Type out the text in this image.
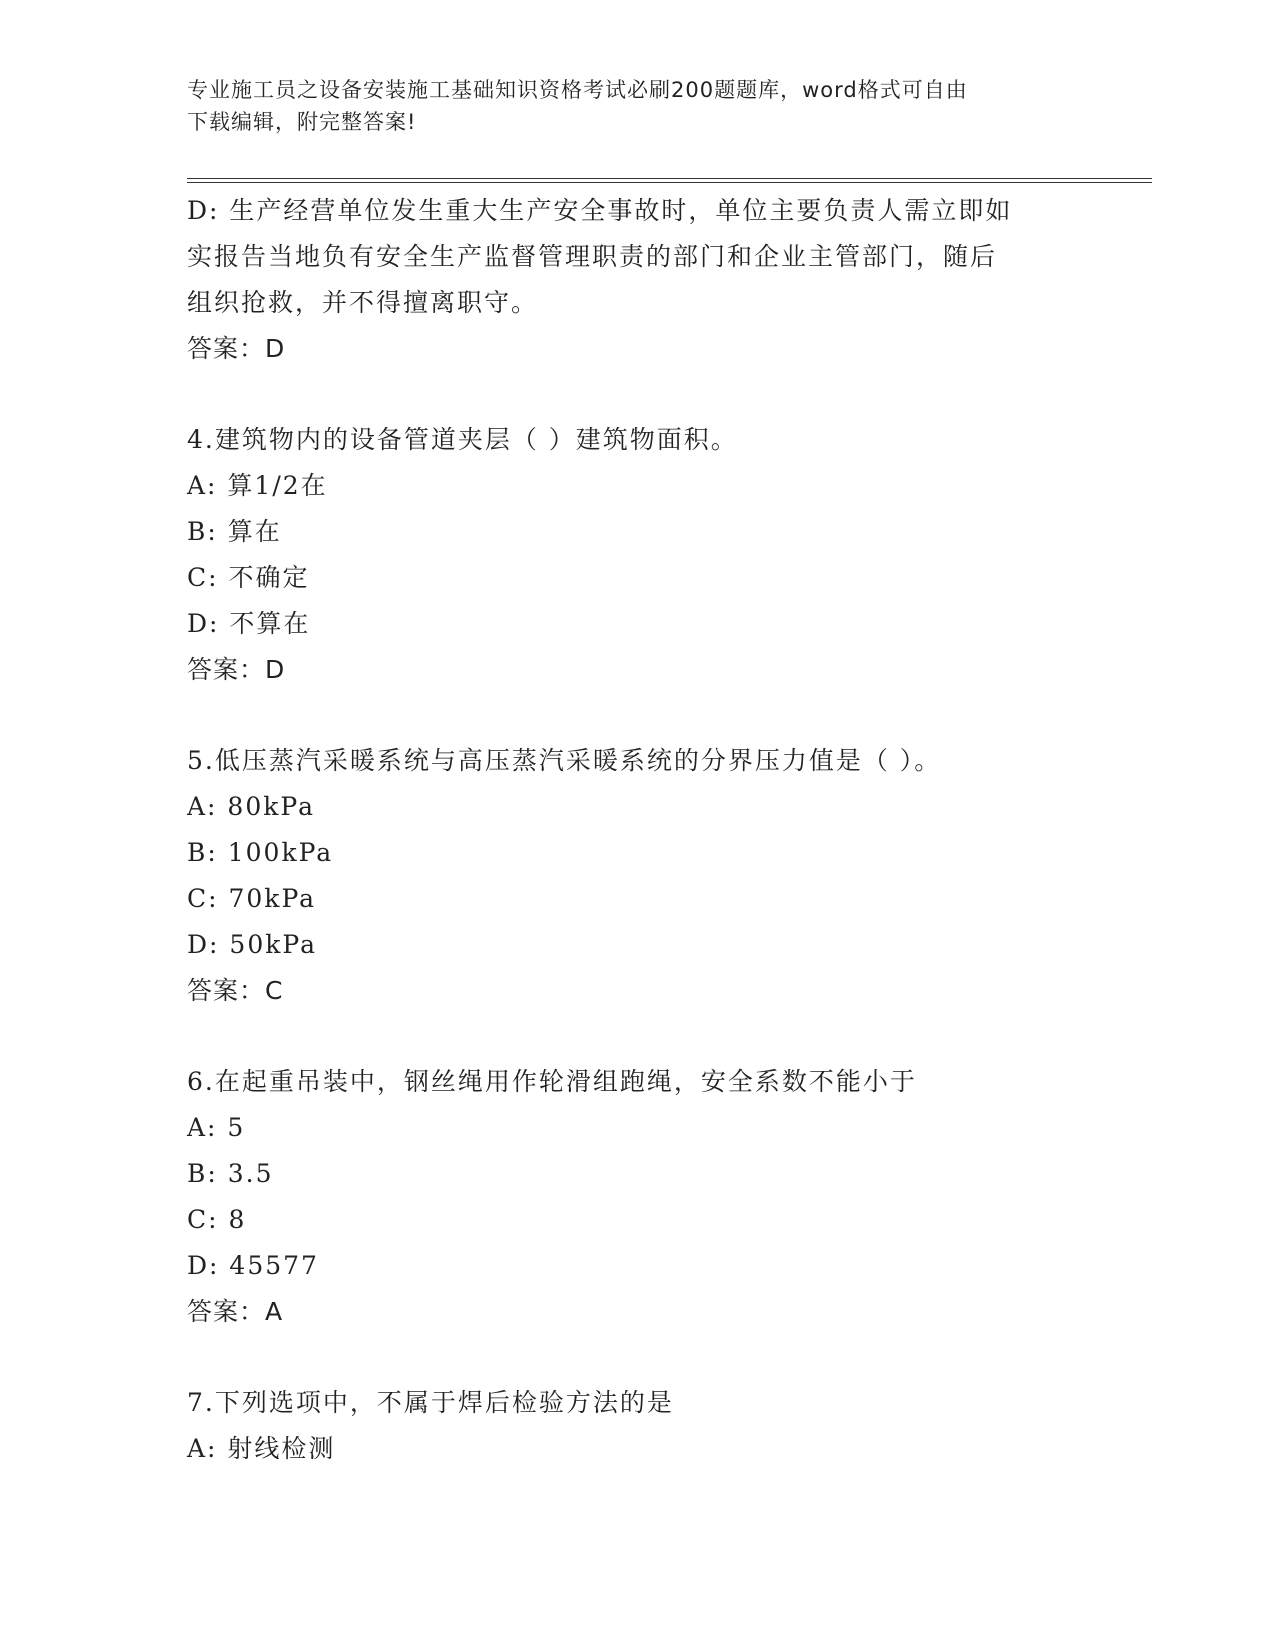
专业施工员之设备安装施工基础知识资格考试必刷200题题库，word格式可自由
下载编辑，附完整答案!
D: 生产经营单位发生重大生产安全事故时，单位主要负责人需立即如
实报告当地负有安全生产监督管理职责的部门和企业主管部门，随后
组织抢救，并不得擅离职守。
答案：D
4.建筑物内的设备管道夹层（ ）建筑物面积。
A: 算1/2在
B: 算在
C: 不确定
D: 不算在
答案：D
5.低压蒸汽采暖系统与高压蒸汽采暖系统的分界压力值是（ ）。
A: 80kPa
B: 100kPa
C: 70kPa
D: 50kPa
答案：C
6.在起重吊装中，钢丝绳用作轮滑组跑绳，安全系数不能小于
A: 5
B: 3.5
C: 8
D: 45577
答案：A
7.下列选项中，不属于焊后检验方法的是
A: 射线检测
